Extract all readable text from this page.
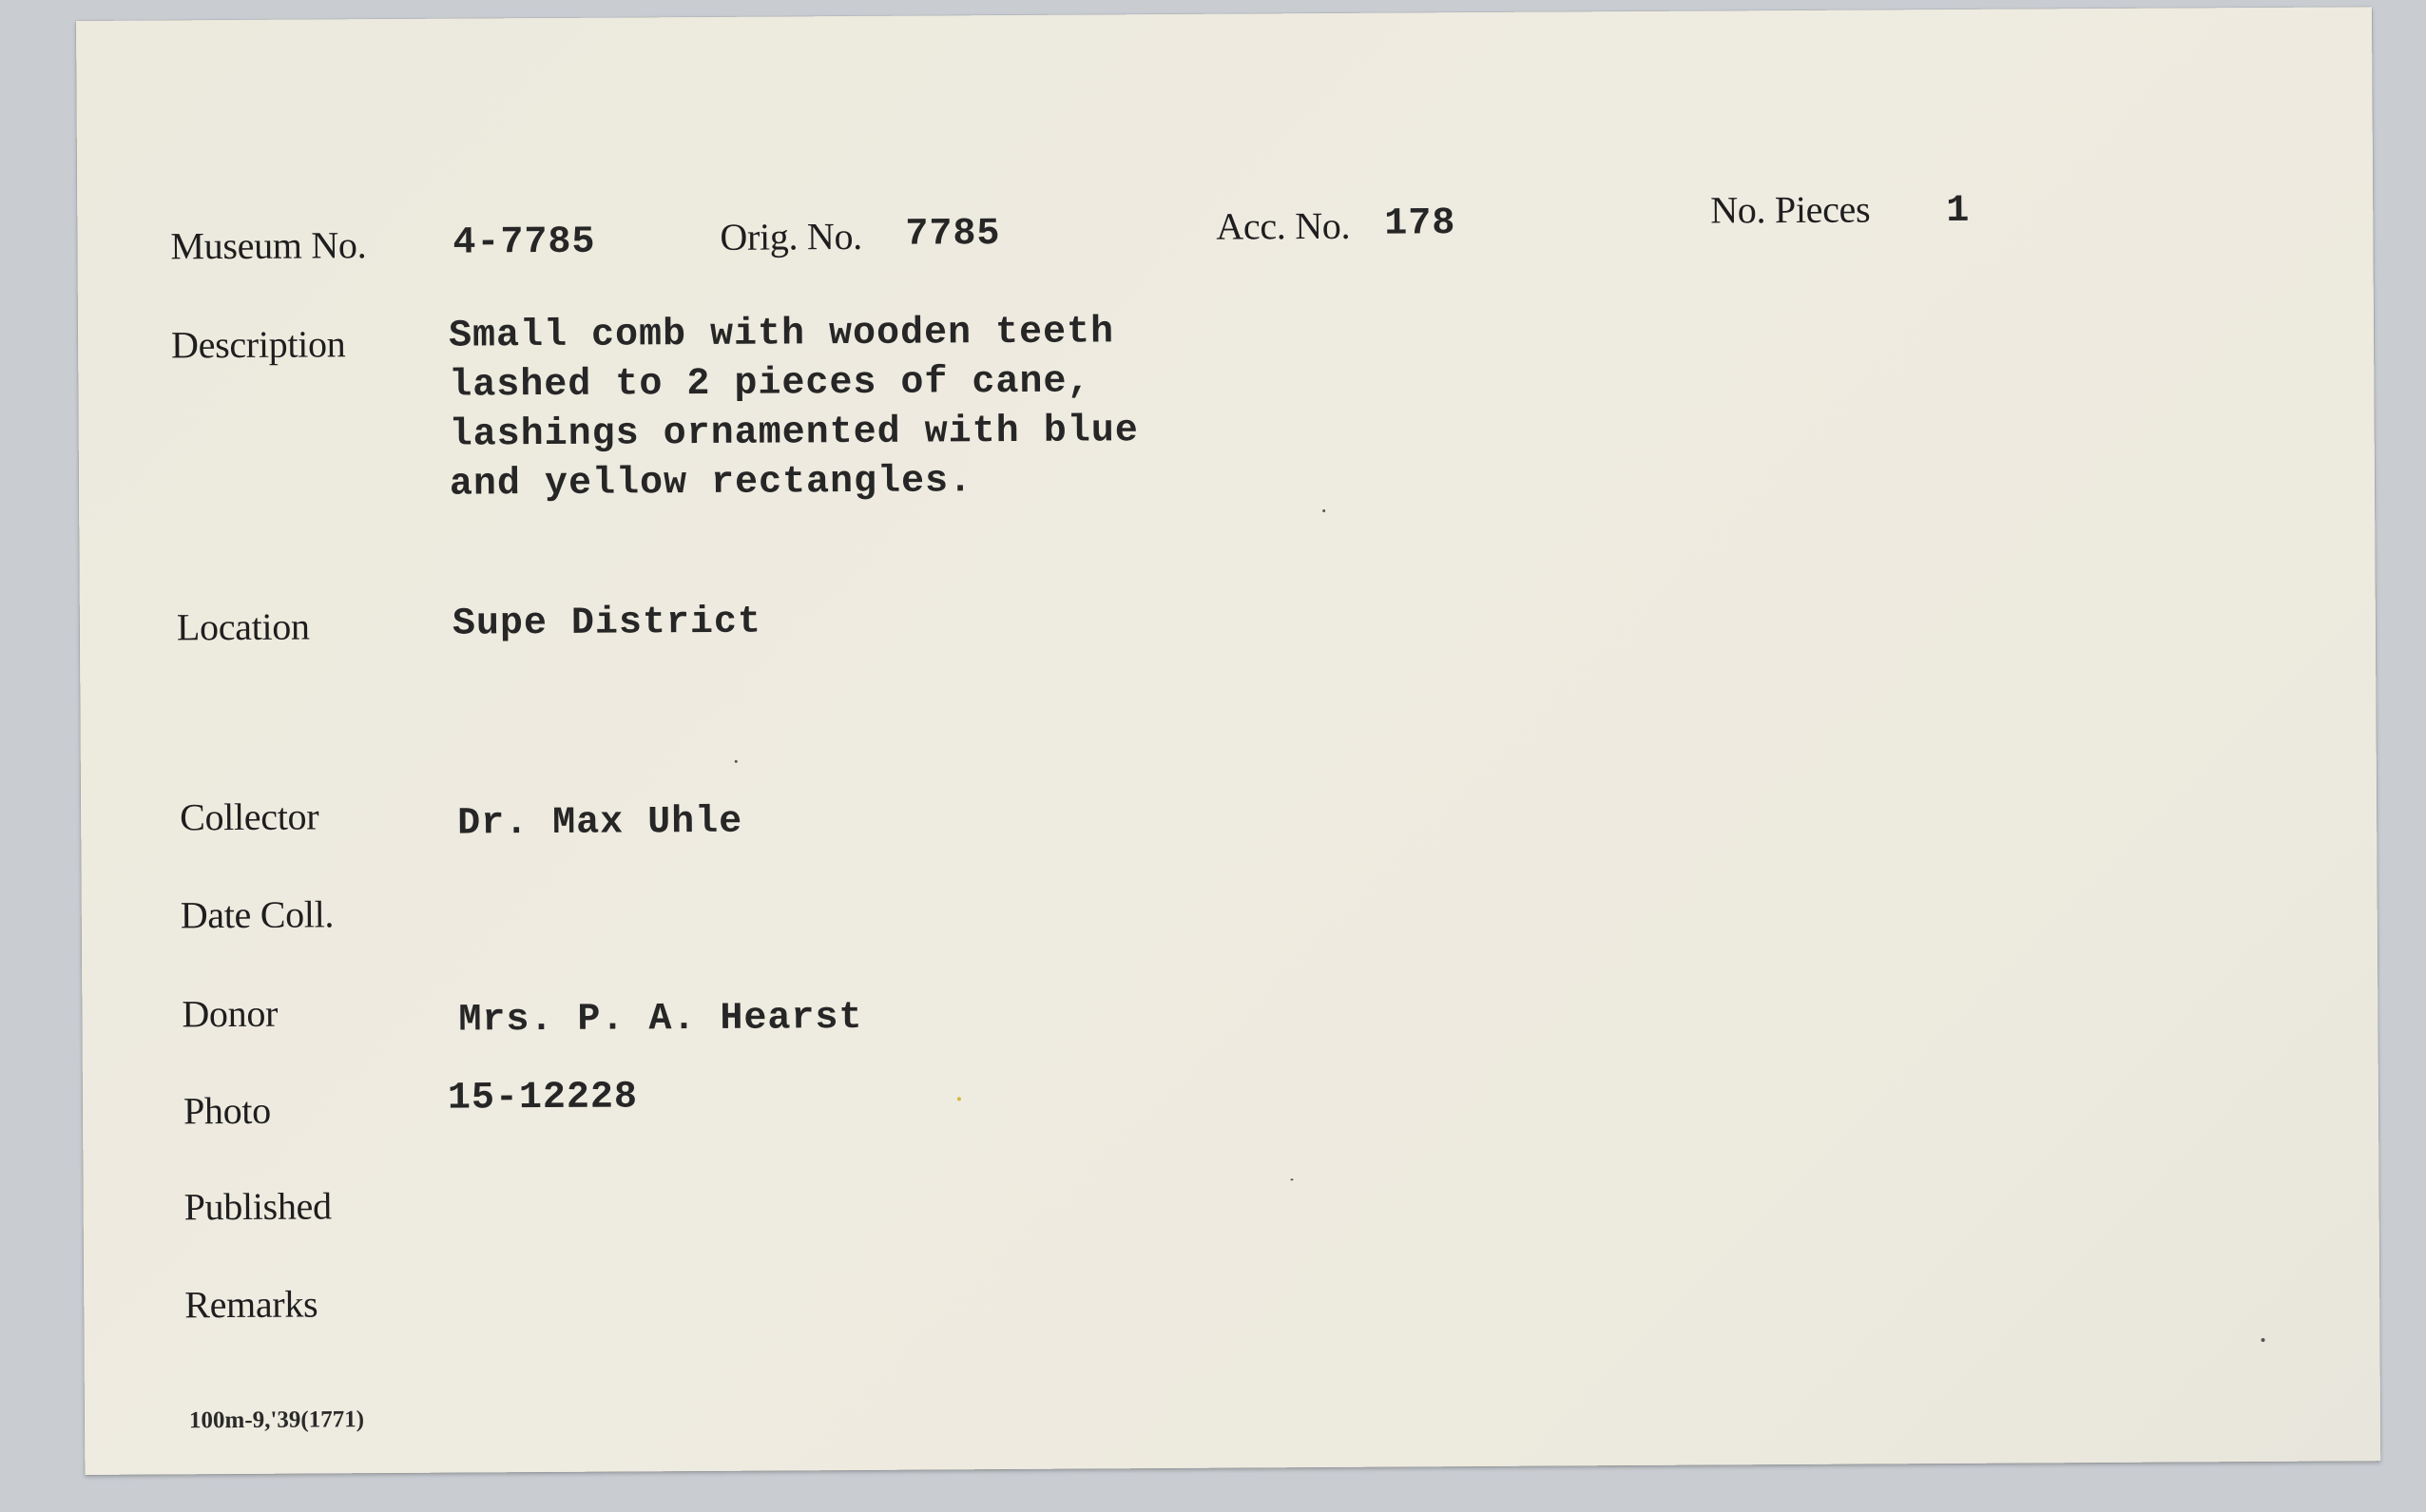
Museum No. 4-7785	Orig. No. 7785	Acc. No. 178	No. Pieces 1
Description	Small comb with wooden teeth
lashed to 2 pieces of cane,
lashings ornamented with blue
and yellow rectangles.
Location	Supe District
Collector	Dr. Max Uhle
Date Coll.
Donor	Mrs. P. A. Hearst
Photo	15-12228
Published
Remarks
100m-9,'39(1771)
